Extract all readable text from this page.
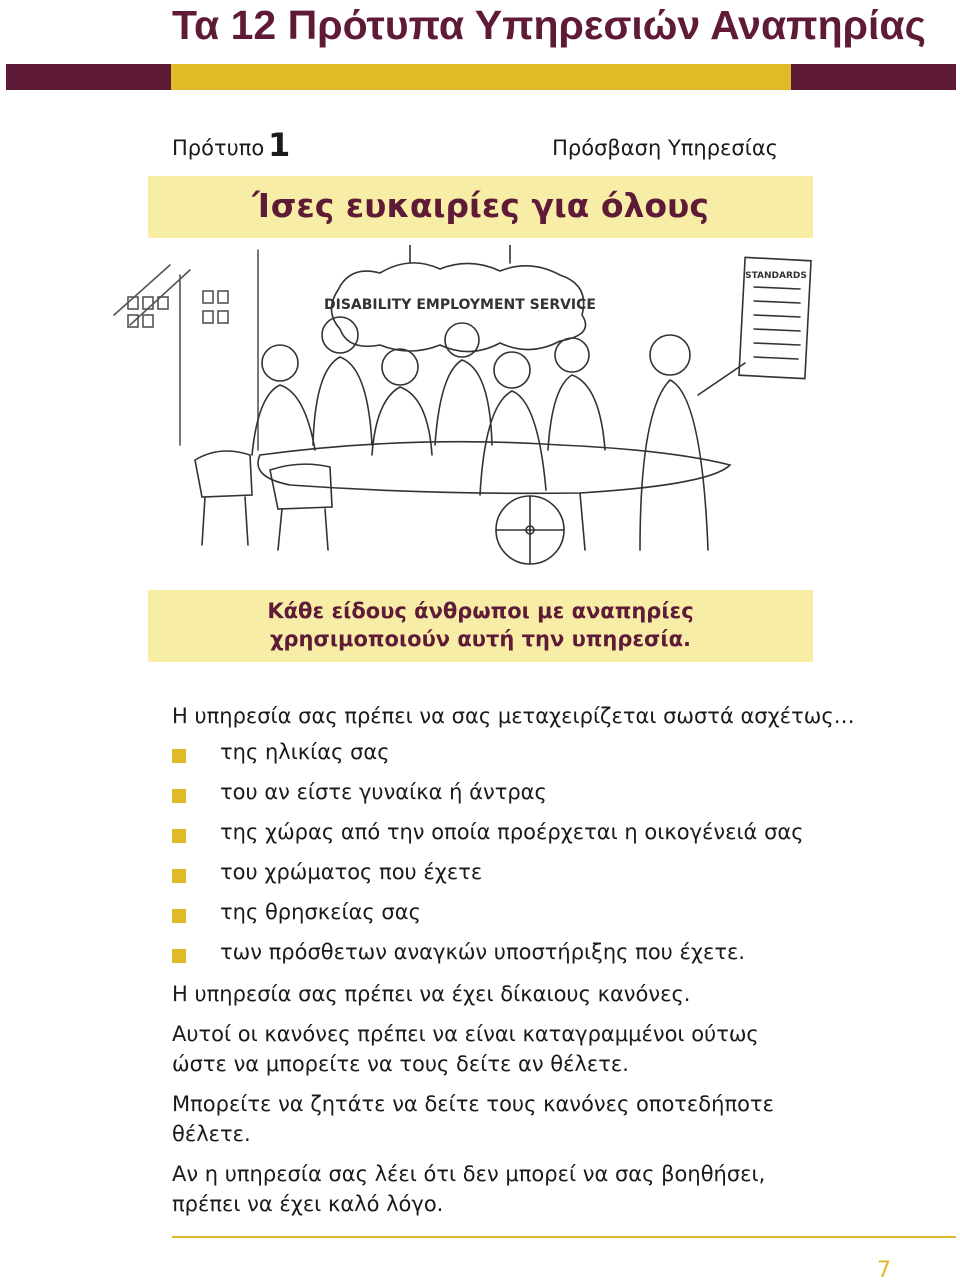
Τα 12 Πρότυπα Υπηρεσιών Αναπηρίας
Πρότυπο 1	Πρόσβαση Υπηρεσίας
Ίσες ευκαιρίες για όλους
DISABILITY EMPLOYMENT SERVICE
STANDARDS
Κάθε είδους άνθρωποι με αναπηρίες
χρησιμοποιούν αυτή την υπηρεσία.
Η υπηρεσία σας πρέπει να σας μεταχειρίζεται σωστά ασχέτως…
της ηλικίας σας
του αν είστε γυναίκα ή άντρας
της χώρας από την οποία προέρχεται η οικογένειά σας
του χρώματος που έχετε
της θρησκείας σας
των πρόσθετων αναγκών υποστήριξης που έχετε.
Η υπηρεσία σας πρέπει να έχει δίκαιους κανόνες.
Αυτοί οι κανόνες πρέπει να είναι καταγραμμένοι ούτως
ώστε να μπορείτε να τους δείτε αν θέλετε.
Μπορείτε να ζητάτε να δείτε τους κανόνες οποτεδήποτε
θέλετε.
Αν η υπηρεσία σας λέει ότι δεν μπορεί να σας βοηθήσει,
πρέπει να έχει καλό λόγο.
7
